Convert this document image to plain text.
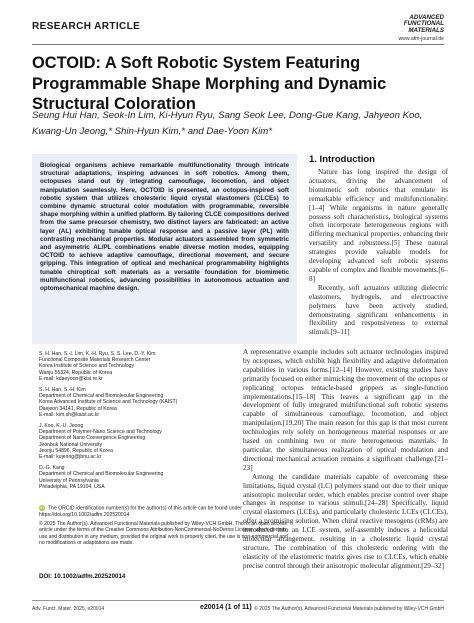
RESEARCH ARTICLE
ADVANCED
FUNCTIONAL
MATERIALS
www.afm-journal.de
OCTOID: A Soft Robotic System Featuring Programmable Shape Morphing and Dynamic Structural Coloration
Seung Hui Han, Seok-In Lim, Ki-Hyun Ryu, Sang Seok Lee, Dong-Gue Kang, Jahyeon Koo, Kwang-Un Jeong,* Shin-Hyun Kim,* and Dae-Yoon Kim*

Biological organisms achieve remarkable multifunctionality through intricate structural adaptations, inspiring advances in soft robotics. Among them, octopuses stand out by integrating camouflage, locomotion, and object manipulation seamlessly. Here, OCTOID is presented, an octopus-inspired soft robotic system that utilizes cholesteric liquid crystal elastomers (CLCEs) to combine dynamic structural color modulation with programmable, reversible shape morphing within a unified platform. By tailoring CLCE compositions derived from the same precursor chemistry, two distinct layers are fabricated: an active layer (AL) exhibiting tunable optical response and a passive layer (PL) with contrasting mechanical properties. Modular actuators assembled from symmetric and asymmetric AL/PL combinations enable diverse motion modes, equipping OCTOID to achieve adaptive camouflage, directional movement, and secure gripping. This integration of optical and mechanical programmability highlights tunable chiroptical soft materials as a versatile foundation for biomimetic multifunctional robotics, advancing possibilities in autonomous actuation and optomechanical machine design.

S. H. Han, S.-I. Lim, K.-H. Ryu, S. S. Lee, D.-Y. Kim
Functional Composite Materials Research Center
Korea Institute of Science and Technology
Wanju 55324, Republic of Korea
E-mail: kdaeyoon@kist.re.kr
S. H. Han, S.-H. Kim
Department of Chemical and Biomolecular Engineering
Korea Advanced Institute of Science and Technology (KAIST)
Daejeon 34141, Republic of Korea
E-mail: kim.sh@kaist.ac.kr
J. Koo, K.-U. Jeong
Department of Polymer-Nano Science and Technology
Department of Nano Convergence Engineering
Jeonbuk National University
Jeonju 54896, Republic of Korea
E-mail: kujeong@jbnu.ac.kr
D.-G. Kang
Department of Chemical and Biomolecular Engineering
University of Pennsylvania
Philadelphia, PA 19104, USA
iD The ORCID identification number(s) for the author(s) of this article can be found under https://doi.org/10.1002/adfm.202520014
© 2025 The Author(s). Advanced Functional Materials published by Wiley-VCH GmbH. This is an open access article under the terms of the Creative Commons Attribution-NonCommercial-NoDerivs License, which permits use and distribution in any medium, provided the original work is properly cited, the use is non-commercial and no modifications or adaptations are made.
DOI: 10.1002/adfm.202520014
1. Introduction

Nature has long inspired the design of actuators, driving the advancement of biomimetic soft robotics that emulate its remarkable efficiency and multifunctionality.[1–4] While organisms in nature generally possess soft characteristics, biological systems often incorporate heterogeneous regions with differing mechanical properties, enhancing their versatility and robustness.[5] These natural strategies provide valuable models for developing advanced soft robotic systems capable of complex and flexible movements.[6–8]

Recently, soft actuators utilizing dielectric elastomers, hydrogels, and electroactive polymers have been actively studied, demonstrating significant enhancements in flexibility and responsiveness to external stimuli.[9–11]

A representative example includes soft actuator technologies inspired by octopuses, which exhibit high flexibility and adaptive deformation capabilities in various forms.[12–14] However, existing studies have primarily focused on either mimicking the movement of the octopus or replicating octopus tentacle-based grippers as single-function implementations.[15–18] This leaves a significant gap in the development of fully integrated multifunctional soft robotic systems capable of simultaneous camouflage, locomotion, and object manipulation.[19,20] The main reason for this gap is that most current technologies rely solely on homogeneous material responses or are based on combining two or more heterogeneous materials. In particular, the simultaneous realization of optical modulation and directional mechanical actuation remains a significant challenge.[21–23]

Among the candidate materials capable of overcoming these limitations, liquid crystal (LC) polymers stand out due to their unique anisotropic molecular order, which enables precise control over shape changes in response to various stimuli.[24–28] Specifically, liquid crystal elastomers (LCEs), and particularly cholesteric LCEs (CLCEs), offer a promising solution. When chiral reactive mesogens (cRMs) are introduced into an LCE system, self-assembly induces a helicoidal molecular arrangement, resulting in a cholesteric liquid crystal structure. The combination of this cholesteric ordering with the elasticity of the elastomeric matrix gives rise to CLCEs, which enable precise control through their anisotropic molecular alignment.[29–32]

Adv. Funct. Mater. 2025, e20014	e20014 (1 of 11) © 2025 The Author(s). Advanced Functional Materials published by Wiley-VCH GmbH
